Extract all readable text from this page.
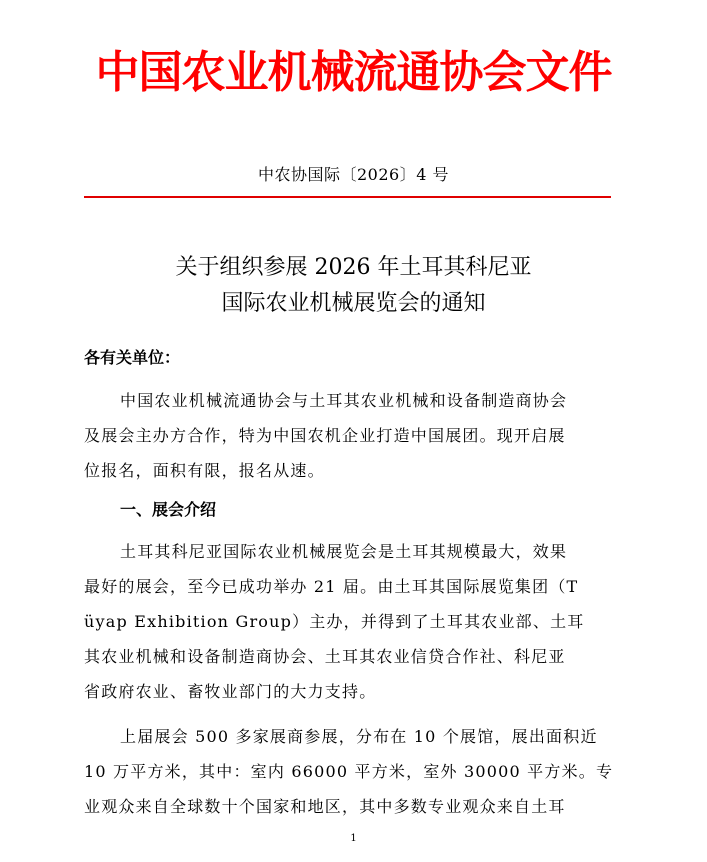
中国农业机械流通协会文件
中农协国际〔2026〕4 号
关于组织参展 2026 年土耳其科尼亚
国际农业机械展览会的通知
各有关单位：
中国农业机械流通协会与土耳其农业机械和设备制造商协会
及展会主办方合作，特为中国农机企业打造中国展团。现开启展
位报名，面积有限，报名从速。
一、展会介绍
土耳其科尼亚国际农业机械展览会是土耳其规模最大，效果
最好的展会，至今已成功举办 21 届。由土耳其国际展览集团（T
üyap Exhibition Group）主办，并得到了土耳其农业部、土耳
其农业机械和设备制造商协会、土耳其农业信贷合作社、科尼亚
省政府农业、畜牧业部门的大力支持。
上届展会 500 多家展商参展，分布在 10 个展馆，展出面积近
10 万平方米，其中：室内 66000 平方米，室外 30000 平方米。专
业观众来自全球数十个国家和地区，其中多数专业观众来自土耳
1
